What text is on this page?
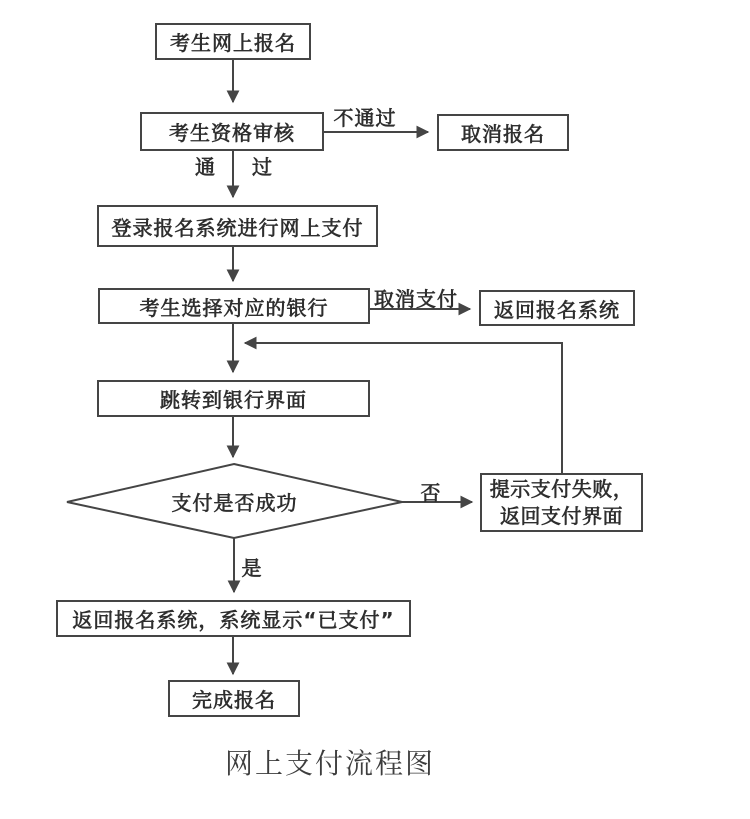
考生网上报名
考生资格审核	取消报名
登录报名系统进行网上支付
考生选择对应的银行	返回报名系统
跳转到银行界面
支付是否成功
提示支付失败，
返回支付界面
返回报名系统，系统显示“已支付”
完成报名
不通过
通 过
取消支付
否
是
网上支付流程图
